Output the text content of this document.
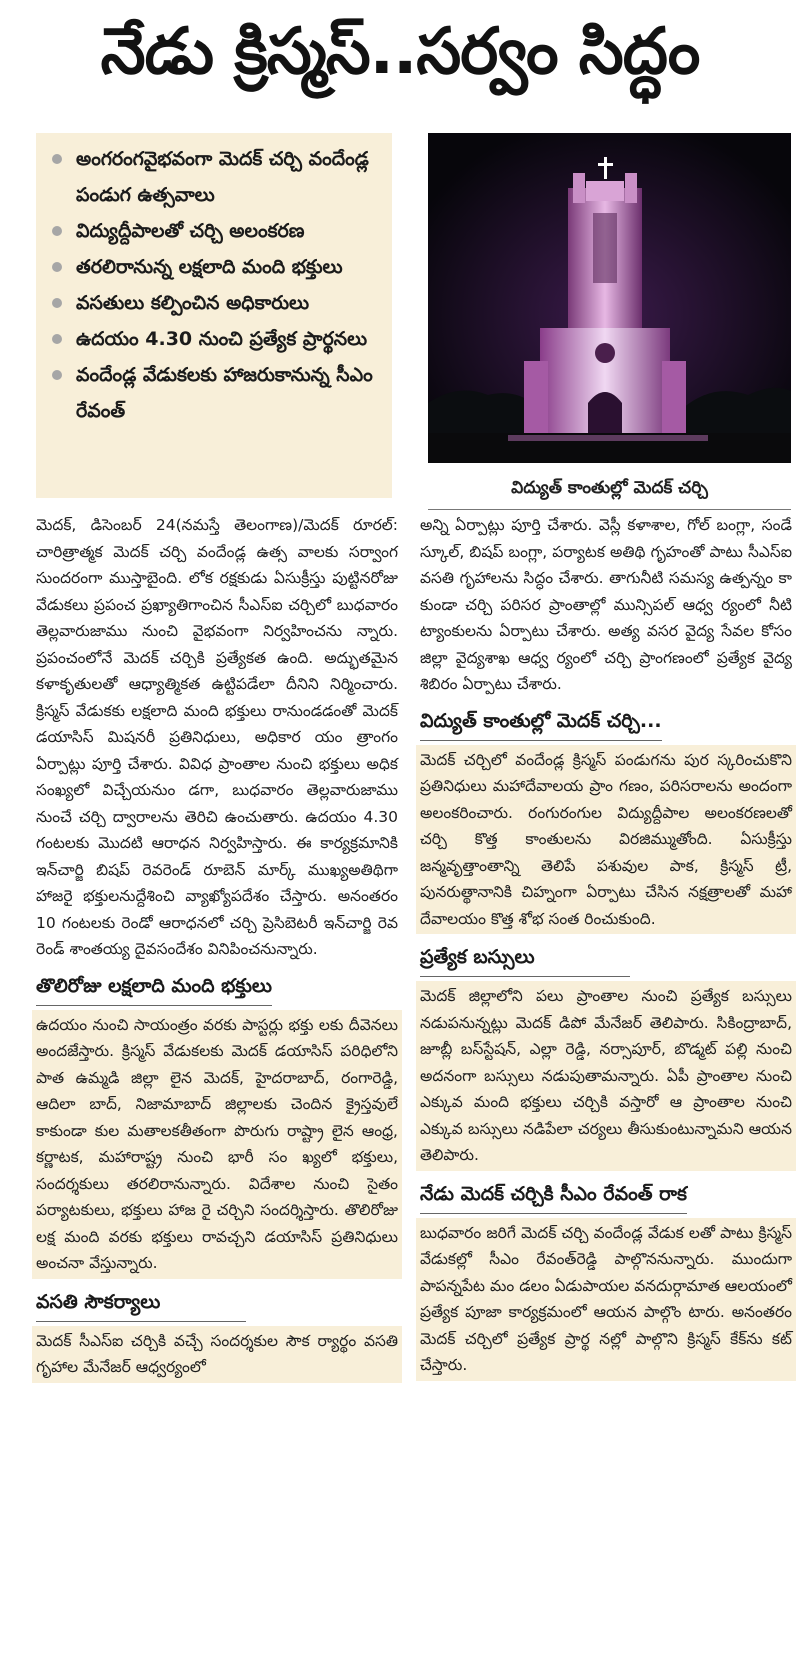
నేడు క్రిస్మస్‌..సర్వం సిద్ధం
అంగరంగవైభవంగా మెదక్‌ చర్చి వందేండ్ల పండుగ ఉత్సవాలు
విద్యుద్దీపాలతో చర్చి అలంకరణ
తరలిరానున్న లక్షలాది మంది భక్తులు
వసతులు కల్పించిన అధికారులు
ఉదయం 4.30 నుంచి ప్రత్యేక ప్రార్థనలు
వందేండ్ల వేడుకలకు హాజరుకానున్న సీఎం రేవంత్‌
విద్యుత్‌ కాంతుల్లో మెదక్‌ చర్చి

మెదక్‌, డిసెంబర్‌ 24(నమస్తే తెలంగాణ)/మెదక్‌ రూరల్‌: చారిత్రాత్మక మెదక్‌ చర్చి వందేండ్ల ఉత్స వాలకు సర్వాంగ సుందరంగా ముస్తాబైంది. లోక రక్షకుడు ఏసుక్రీస్తు పుట్టినరోజు వేడుకలు ప్రపంచ ప్రఖ్యాతిగాంచిన సీఎస్‌ఐ చర్చిలో బుధవారం తెల్లవారుజాము నుంచి వైభవంగా నిర్వహించను న్నారు. ప్రపంచంలోనే మెదక్‌ చర్చికి ప్రత్యేకత ఉంది. అద్భుతమైన కళాకృతులతో ఆధ్యాత్మికత ఉట్టిపడేలా దీనిని నిర్మించారు. క్రిస్మస్‌ వేడుకకు లక్షలాది మంది భక్తులు రానుండడంతో మెదక్‌ డయాసిస్‌ మిషనరీ ప్రతినిధులు, అధికార యం త్రాంగం ఏర్పాట్లు పూర్తి చేశారు. వివిధ ప్రాంతాల నుంచి భక్తులు అధిక సంఖ్యలో విచ్చేయనుం డగా, బుధవారం తెల్లవారుజాము నుంచే చర్చి ద్వారాలను తెరిచి ఉంచుతారు. ఉదయం 4.30 గంటలకు మొదటి ఆరాధన నిర్వహిస్తారు. ఈ కార్యక్రమానికి ఇన్‌చార్జి బిషప్‌ రెవరెండ్‌ రూబెన్‌ మార్క్‌ ముఖ్యఅతిథిగా హాజరై భక్తులనుద్దేశించి వ్యాఖ్యోపదేశం చేస్తారు. అనంతరం 10 గంటలకు రెండో ఆరాధనలో చర్చి ప్రెసిబెటరీ ఇన్‌చార్జి రెవ రెండ్‌ శాంతయ్య దైవసందేశం వినిపించనున్నారు.

తొలిరోజు లక్షలాది మంది భక్తులు

ఉదయం నుంచి సాయంత్రం వరకు పాస్టర్లు భక్తు లకు దీవెనలు అందజేస్తారు. క్రిస్మస్‌ వేడుకలకు మెదక్‌ డయాసిస్‌ పరిధిలోని పాత ఉమ్మడి జిల్లా లైన మెదక్‌, హైదరాబాద్‌, రంగారెడ్డి, ఆదిలా బాద్‌, నిజామాబాద్‌ జిల్లాలకు చెందిన క్రైస్తవులే కాకుండా కుల మతాలకతీతంగా పొరుగు రాష్ట్రా లైన ఆంధ్ర, కర్ణాటక, మహారాష్ట్ర నుంచి భారీ సం ఖ్యలో భక్తులు, సందర్శకులు తరలిరానున్నారు. విదేశాల నుంచి సైతం పర్యాటకులు, భక్తులు హాజ రై చర్చిని సందర్శిస్తారు. తొలిరోజు లక్ష మంది వరకు భక్తులు రావచ్చని డయాసిస్‌ ప్రతినిధులు అంచనా వేస్తున్నారు.

వసతి సౌకర్యాలు

మెదక్‌ సీఎస్‌ఐ చర్చికి వచ్చే సందర్శకుల సౌక ర్యార్థం వసతి గృహాల మేనేజర్‌ ఆధ్వర్యంలో

అన్ని ఏర్పాట్లు పూర్తి చేశారు. వెస్లీ కళాశాల, గోల్‌ బంగ్లా, సండే స్కూల్‌, బిషప్‌ బంగ్లా, పర్యాటక అతిథి గృహంతో పాటు సీఎస్‌ఐ వసతి గృహాలను సిద్ధం చేశారు. తాగునీటి సమస్య ఉత్పన్నం కా కుండా చర్చి పరిసర ప్రాంతాల్లో మున్సిపల్‌ ఆధ్వ ర్యంలో నీటి ట్యాంకులను ఏర్పాటు చేశారు. అత్య వసర వైద్య సేవల కోసం జిల్లా వైద్యశాఖ ఆధ్వ ర్యంలో చర్చి ప్రాంగణంలో ప్రత్యేక వైద్య శిబిరం ఏర్పాటు చేశారు.

విద్యుత్‌ కాంతుల్లో మెదక్‌ చర్చి...

మెదక్‌ చర్చిలో వందేండ్ల క్రిస్మస్‌ పండుగను పుర స్కరించుకొని ప్రతినిధులు మహాదేవాలయ ప్రాం గణం, పరిసరాలను అందంగా అలంకరించారు. రంగురంగుల విద్యుద్దీపాల అలంకరణలతో చర్చి కొత్త కాంతులను విరజిమ్ముతోంది. ఏసుక్రీస్తు జన్మవృత్తాంతాన్ని తెలిపే పశువుల పాక, క్రిస్మస్‌ ట్రీ, పునరుత్థానానికి చిహ్నంగా ఏర్పాటు చేసిన నక్షత్రాలతో మహా దేవాలయం కొత్త శోభ సంత రించుకుంది.

ప్రత్యేక బస్సులు

మెదక్‌ జిల్లాలోని పలు ప్రాంతాల నుంచి ప్రత్యేక బస్సులు నడుపనున్నట్లు మెదక్‌ డిపో మేనేజర్‌ తెలిపారు. సికింద్రాబాద్‌, జూబ్లీ బస్‌స్టేషన్‌, ఎల్లా రెడ్డి, నర్సాపూర్‌, బొడ్మట్‌ పల్లి నుంచి అదనంగా బస్సులు నడుపుతామన్నారు. ఏపీ ప్రాంతాల నుంచి ఎక్కువ మంది భక్తులు చర్చికి వస్తారో ఆ ప్రాంతాల నుంచి ఎక్కువ బస్సులు నడిపేలా చర్యలు తీసుకుంటున్నామని ఆయన తెలిపారు.

నేడు మెదక్‌ చర్చికి సీఎం రేవంత్‌ రాక

బుధవారం జరిగే మెదక్‌ చర్చి వందేండ్ల వేడుక లతో పాటు క్రిస్మస్‌ వేడుకల్లో సీఎం రేవంత్‌రెడ్డి పాల్గొననున్నారు. ముందుగా పాపన్నపేట మం డలం ఏడుపాయల వనదుర్గామాత ఆలయంలో ప్రత్యేక పూజా కార్యక్రమంలో ఆయన పాల్గొం టారు. అనంతరం మెదక్‌ చర్చిలో ప్రత్యేక ప్రార్థ నల్లో పాల్గొని క్రిస్మస్‌ కేక్‌ను కట్‌ చేస్తారు.
